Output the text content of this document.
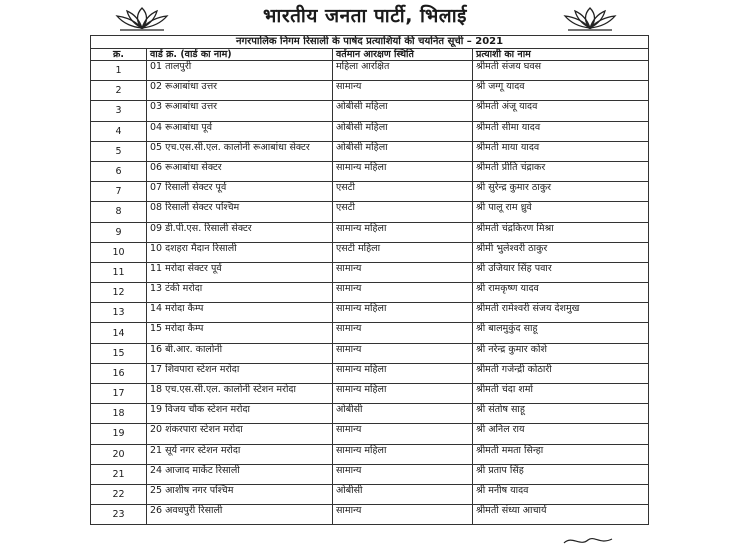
भारतीय जनता पार्टी, भिलाई
नगरपालिक निगम रिसाली के पार्षद प्रत्याशियों की चयनित सूची – 2021			
क्र.	वार्ड क्र. (वार्ड का नाम)	वर्तमान आरक्षण स्थिति	प्रत्याशी का नाम
1	01 तालपुरी	महिला आरक्षित	श्रीमती संजय घवस
2	02 रूआबांधा उत्तर	सामान्य	श्री जग्गू यादव
3	03 रूआबांधा उत्तर	ओबीसी महिला	श्रीमती अंजू यादव
4	04 रूआबांधा पूर्व	ओबीसी महिला	श्रीमती सीमा यादव
5	05 एच.एस.सी.एल. कालोनी रूआबांधा सेक्टर	ओबीसी महिला	श्रीमती माया यादव
6	06 रूआबांधा सेक्टर	सामान्य महिला	श्रीमती प्रीति चंद्राकर
7	07 रिसाली सेक्टर पूर्व	एसटी	श्री सुरेन्द्र कुमार ठाकुर
8	08 रिसाली सेक्टर पश्चिम	एसटी	श्री पालू राम ध्रुवे
9	09 डी.पी.एस. रिसाली सेक्टर	सामान्य महिला	श्रीमती चंद्रकिरण मिश्रा
10	10 दशहरा मैदान रिसाली	एसटी महिला	श्रीमी भुलेश्वरी ठाकुर
11	11 मरोदा सेक्टर पूर्व	सामान्य	श्री उजियार सिंह पवार
12	13 टंकी मरोदा	सामान्य	श्री रामकृष्ण यादव
13	14 मरोदा कैम्प	सामान्य महिला	श्रीमती रामेश्वरी संजय देशमुख
14	15 मरोदा कैम्प	सामान्य	श्री बालमुकुंद साहू
15	16 बी.आर. कालोनी	सामान्य	श्री नरेन्द्र कुमार कोशे
16	17 शिवपारा स्टेशन मरोदा	सामान्य महिला	श्रीमती गजेन्द्री कोठारी
17	18 एच.एस.सी.एल. कालोनी स्टेशन मरोदा	सामान्य महिला	श्रीमती चंदा शर्मा
18	19 विजय चौक स्टेशन मरोदा	ओबीसी	श्री संतोष साहू
19	20 शंकरपारा स्टेशन मरोदा	सामान्य	श्री अनिल राय
20	21 सूर्य नगर स्टेशन मरोदा	सामान्य महिला	श्रीमती ममता सिन्हा
21	24 आजाद मार्केट रिसाली	सामान्य	श्री प्रताप सिंह
22	25 आशीष नगर पश्चिम	ओबीसी	श्री मनीष यादव
23	26 अवधपुरी रिसाली	सामान्य	श्रीमती संध्या आचार्य
